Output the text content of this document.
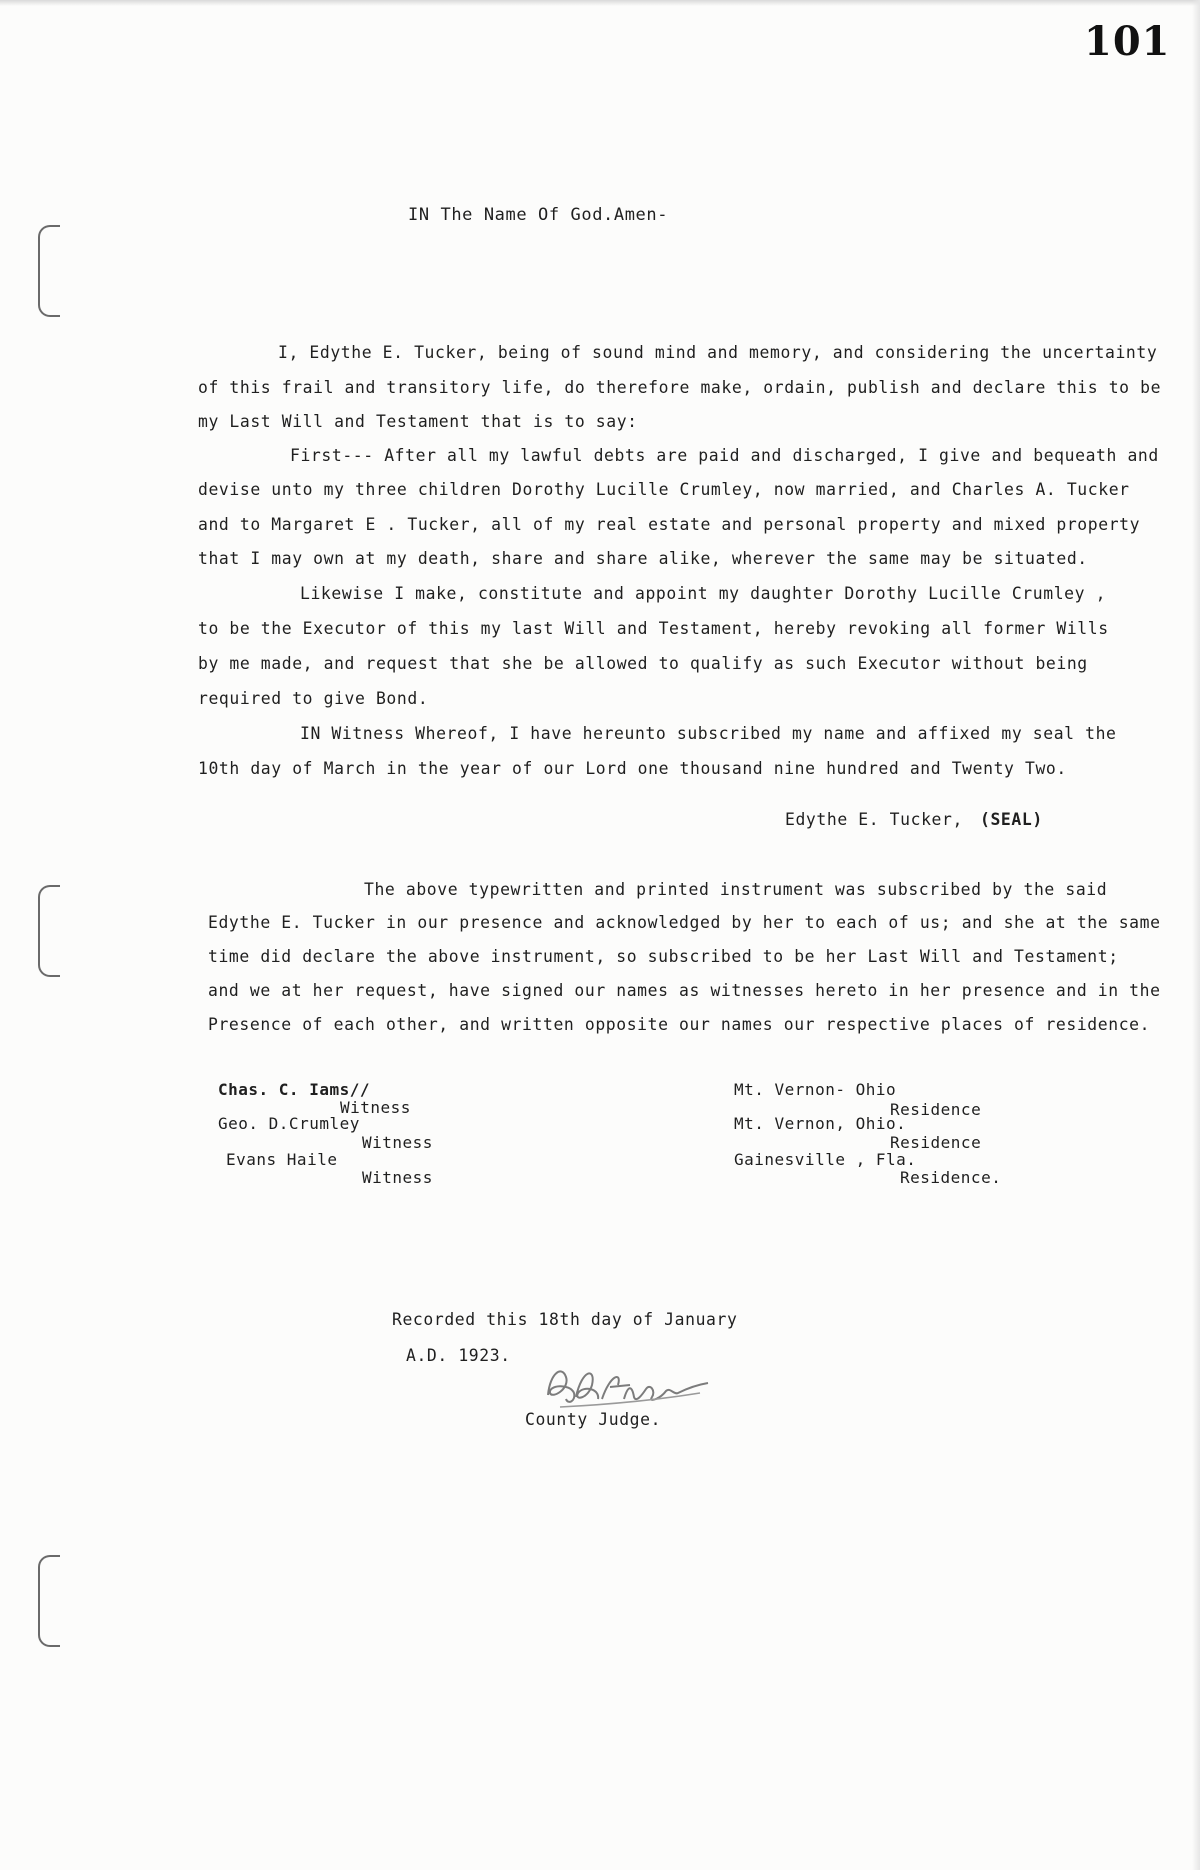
101
IN The Name Of God.Amen-
I, Edythe E. Tucker, being of sound mind and memory, and considering the uncertainty
of this frail and transitory life, do therefore make, ordain, publish and declare this to be
my Last Will and Testament that is to say:
First--- After all my lawful debts are paid and discharged, I give and bequeath and
devise unto my three children Dorothy Lucille Crumley, now married, and Charles A. Tucker
and to Margaret E . Tucker, all of my real estate and personal property and mixed property
that I may own at my death, share and share alike, wherever the same may be situated.
Likewise I make, constitute and appoint my daughter Dorothy Lucille Crumley ,
to be the Executor of this my last Will and Testament, hereby revoking all former Wills
by me made, and request that she be allowed to qualify as such Executor without being
required to give Bond.
IN Witness Whereof, I have hereunto subscribed my name and affixed my seal the
10th day of March in the year of our Lord one thousand nine hundred and Twenty Two.
Edythe E. Tucker, (SEAL)
The above typewritten and printed instrument was subscribed by the said
Edythe E. Tucker in our presence and acknowledged by her to each of us; and she at the same
time did declare the above instrument, so subscribed to be her Last Will and Testament;
and we at her request, have signed our names as witnesses hereto in her presence and in the
Presence of each other, and written opposite our names our respective places of residence.
Chas. C. Iams//
Witness
Geo. D.Crumley
Witness
Evans Haile
Witness
Mt. Vernon- Ohio
Residence
Mt. Vernon, Ohio.
Residence
Gainesville , Fla.
Residence.
Recorded this 18th day of January
A.D. 1923.
County Judge.
